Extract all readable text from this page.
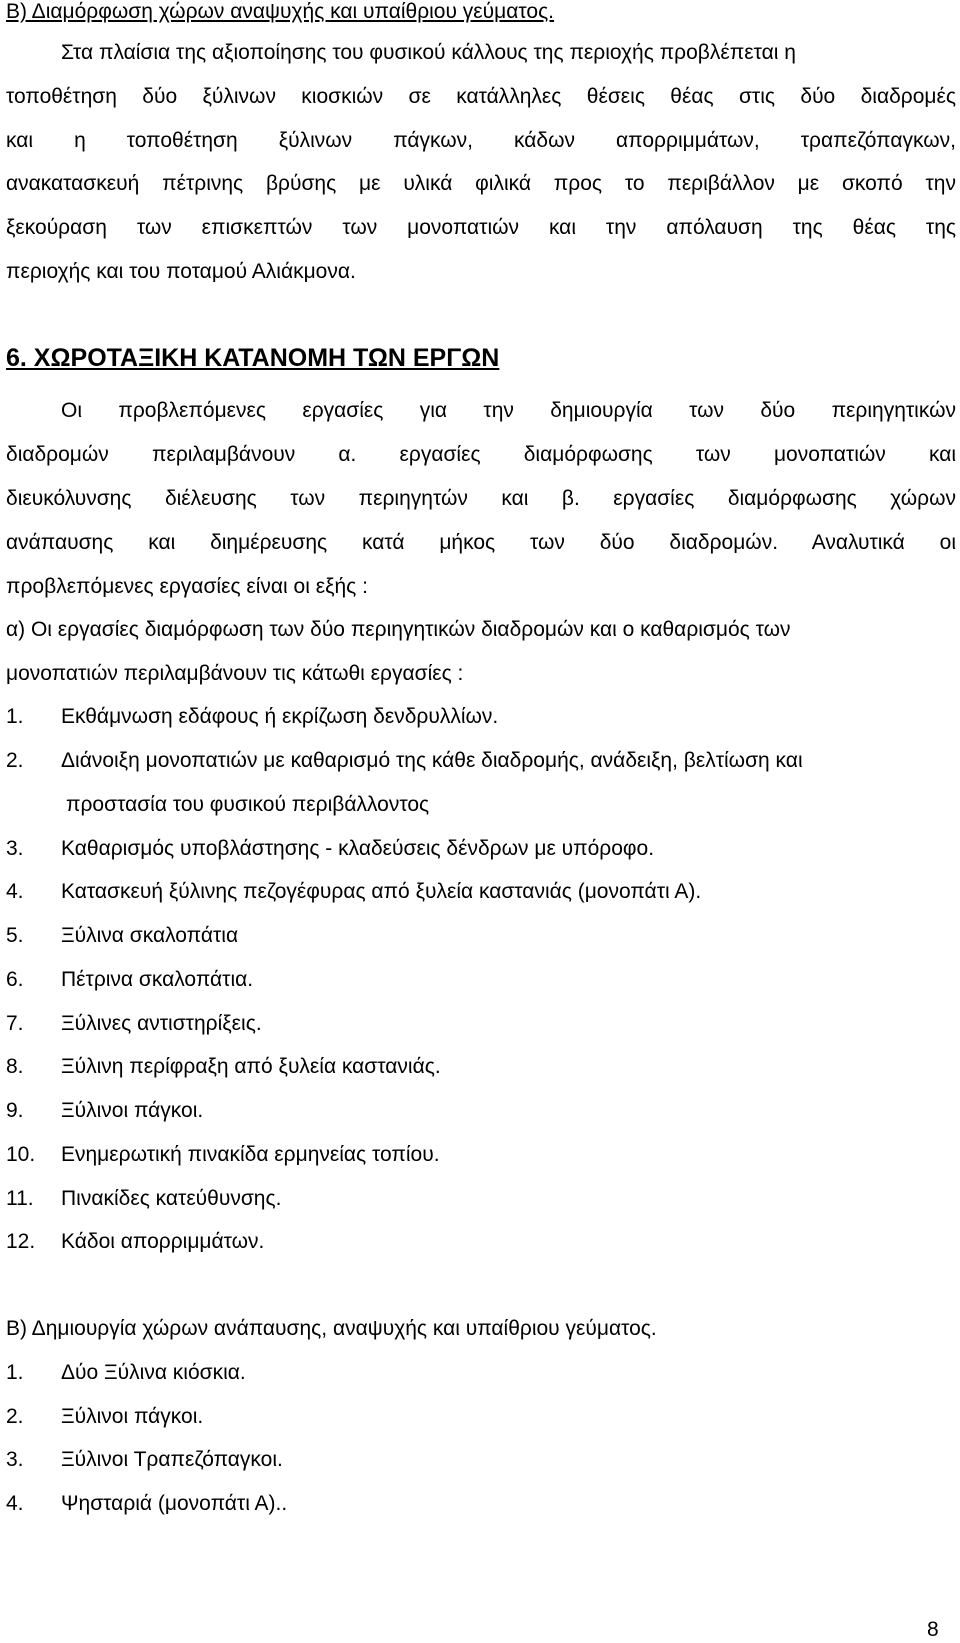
Β) Διαμόρφωση χώρων αναψυχής και υπαίθριου γεύματος.
Στα πλαίσια της αξιοποίησης του φυσικού κάλλους της περιοχής προβλέπεται η
τοποθέτηση δύο ξύλινων κιοσκιών σε κατάλληλες θέσεις θέας στις δύο διαδρομές
και η τοποθέτηση ξύλινων πάγκων, κάδων απορριμμάτων, τραπεζόπαγκων,
ανακατασκευή πέτρινης βρύσης με υλικά φιλικά προς το περιβάλλον με σκοπό την
ξεκούραση των επισκεπτών των μονοπατιών και την απόλαυση της θέας της
περιοχής και του ποταμού Αλιάκμονα.
6. ΧΩΡΟΤΑΞΙΚΗ ΚΑΤΑΝΟΜΗ ΤΩΝ ΕΡΓΩΝ
Οι προβλεπόμενες εργασίες για την δημιουργία των δύο περιηγητικών
διαδρομών περιλαμβάνουν α. εργασίες διαμόρφωσης των μονοπατιών και
διευκόλυνσης διέλευσης των περιηγητών και β. εργασίες διαμόρφωσης χώρων
ανάπαυσης και διημέρευσης κατά μήκος των δύο διαδρομών. Αναλυτικά οι
προβλεπόμενες εργασίες είναι οι εξής :
α) Οι εργασίες διαμόρφωση των δύο περιηγητικών διαδρομών και ο καθαρισμός των
μονοπατιών περιλαμβάνουν τις κάτωθι εργασίες :
1. Εκθάμνωση εδάφους ή εκρίζωση δενδρυλλίων.
2. Διάνοιξη μονοπατιών με καθαρισμό της κάθε διαδρομής, ανάδειξη, βελτίωση και
προστασία του φυσικού περιβάλλοντος
3. Καθαρισμός υποβλάστησης - κλαδεύσεις δένδρων με υπόροφο.
4. Κατασκευή ξύλινης πεζογέφυρας από ξυλεία καστανιάς (μονοπάτι Α).
5. Ξύλινα σκαλοπάτια
6. Πέτρινα σκαλοπάτια.
7. Ξύλινες αντιστηρίξεις.
8. Ξύλινη περίφραξη από ξυλεία καστανιάς.
9. Ξύλινοι πάγκοι.
10. Ενημερωτική πινακίδα ερμηνείας τοπίου.
11. Πινακίδες κατεύθυνσης.
12. Κάδοι απορριμμάτων.
Β) Δημιουργία χώρων ανάπαυσης, αναψυχής και υπαίθριου γεύματος.
1. Δύο Ξύλινα κιόσκια.
2. Ξύλινοι πάγκοι.
3. Ξύλινοι Τραπεζόπαγκοι.
4. Ψησταριά (μονοπάτι Α)..
8
